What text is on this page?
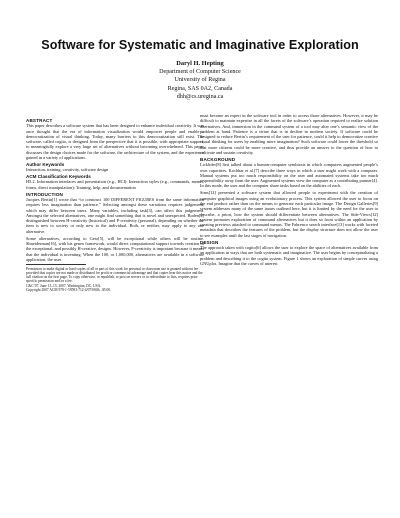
Software for Systematic and Imaginative Exploration
Daryl H. Hepting
Department of Computer Science
University of Regina
Regina, SAS 0A2, Canada
dhh@cs.uregina.ca
ABSTRACT

This paper describes a software system that has been designed to enhance individual creativity. It was once thought that the era of information visualization would empower people and enable a democratization of visual thinking. Today, many barriers to this democratization still exist. The software, called cogito, is designed from the perspective that it is possible, with appropriate support, to meaningfully explore a very large set of alternatives without becoming overwhelmed. This paper discusses the design choices made for the software, the architecture of the system, and the experience gained in a variety of applications.

Author Keywords

Interaction, training, creativity, software design

ACM Classification Keywords

H5.2. Information interfaces and presentation (e.g., HCI): Interaction styles (e.g., commands, menus, forms, direct manipulation); Training, help, and documentation

INTRODUCTION

Jacques Bertin[1] wrote that “to construct 100 DIFFERENT FIGURES from the same information requires less imagination than patience.” Selecting amongst these variations requires judgement, which may differ between users. Many variables, including task[3], can affect this judgement. Amongst the selected alternatives, one might find something that is novel and unexpected. Boden[2] distinguished between H-creativity (historical) and P-creativity (personal), depending on whether the item is new to society or only new to the individual. Both, or neither, may apply to any one alternative.

Some alternatives, according to Gero[5], will be exceptional while others will be routine. Shneiderman[16], with his genex framework, would direct computational support towards creation of the exceptional, and possibly H-creative, designs. However, P-creativity is important because it means that the individual is inventing. When the 100, or 1,000,000, alternatives are available in a software application, the user

Permission to make digital or hard copies of all or part of this work for personal or classroom use is granted without fee provided that copies are not made or distributed for profit or commercial advantage and that copies bear this notice and the full citation on the first page. To copy otherwise, or republish, to post on servers or to redistribute to lists, requires prior specific permission and/or a fee.
C&C’07, June 13–15, 2007, Washington, DC, USA.
Copyright 2007 ACM 978-1-59593-712-4/07/0006...$5.00.

must become an expert in the software tool in order to access those alternatives. However, it may be difficult to maintain expertise in all the facets of the software’s operation required to realize solution alternatives. And, immersion in the command system of a tool may alter one’s semantic view of the problem at hand. Patience is a virtue that is in decline in modern society. If software could be designed to reduce Bertin’s requirement of the user for patience, could it help to democratize creative visual thinking for users by enabling more imagination? Such software could lower the threshold so that more citizens could be more creative, and thus provide an answer to the question of how to cultivate and sustain creativity.

BACKGROUND

Licklider[8] first talked about a human-computer symbiosis in which computers augmented people’s own capacities. Kochhar et al.[7] describe three ways in which a user might work with a computer. Manual systems put too much responsibility on the user and automated systems take too much responsibility away from the user. Augmented systems view the computer as a contributing partner[4]. In this mode, the user and the computer share tasks based on the abilities of each.

Sims[12] presented a software system that allowed people to experiment with the creation of computer graphical images using an evolutionary process. This system allowed the user to focus on the end product rather than on the means to generate each particular image. The Design Galleries[9] system addresses many of the same issues outlined here, but it is limited by the need for the user to describe, a priori, how the system should differentiate between alternatives. The Side-Views[12] system promotes exploration of command alternatives but it does so from within an application by creating previews attached to command menus. The Fabrenco search interface[13] works with faceted metadata that describes the features of the problem, but the display structure does not allow the user to see examples until the last stages of navigation.

DESIGN

The approach taken with cogito[6] allows the user to explore the space of alternatives available from an application in ways that are both systematic and imaginative. The user begins by conceptualizing a problem and describing it to the cogito system. Figure 1 shows an exploration of simple curves using GNUplot. Imagine that the curves of interest
